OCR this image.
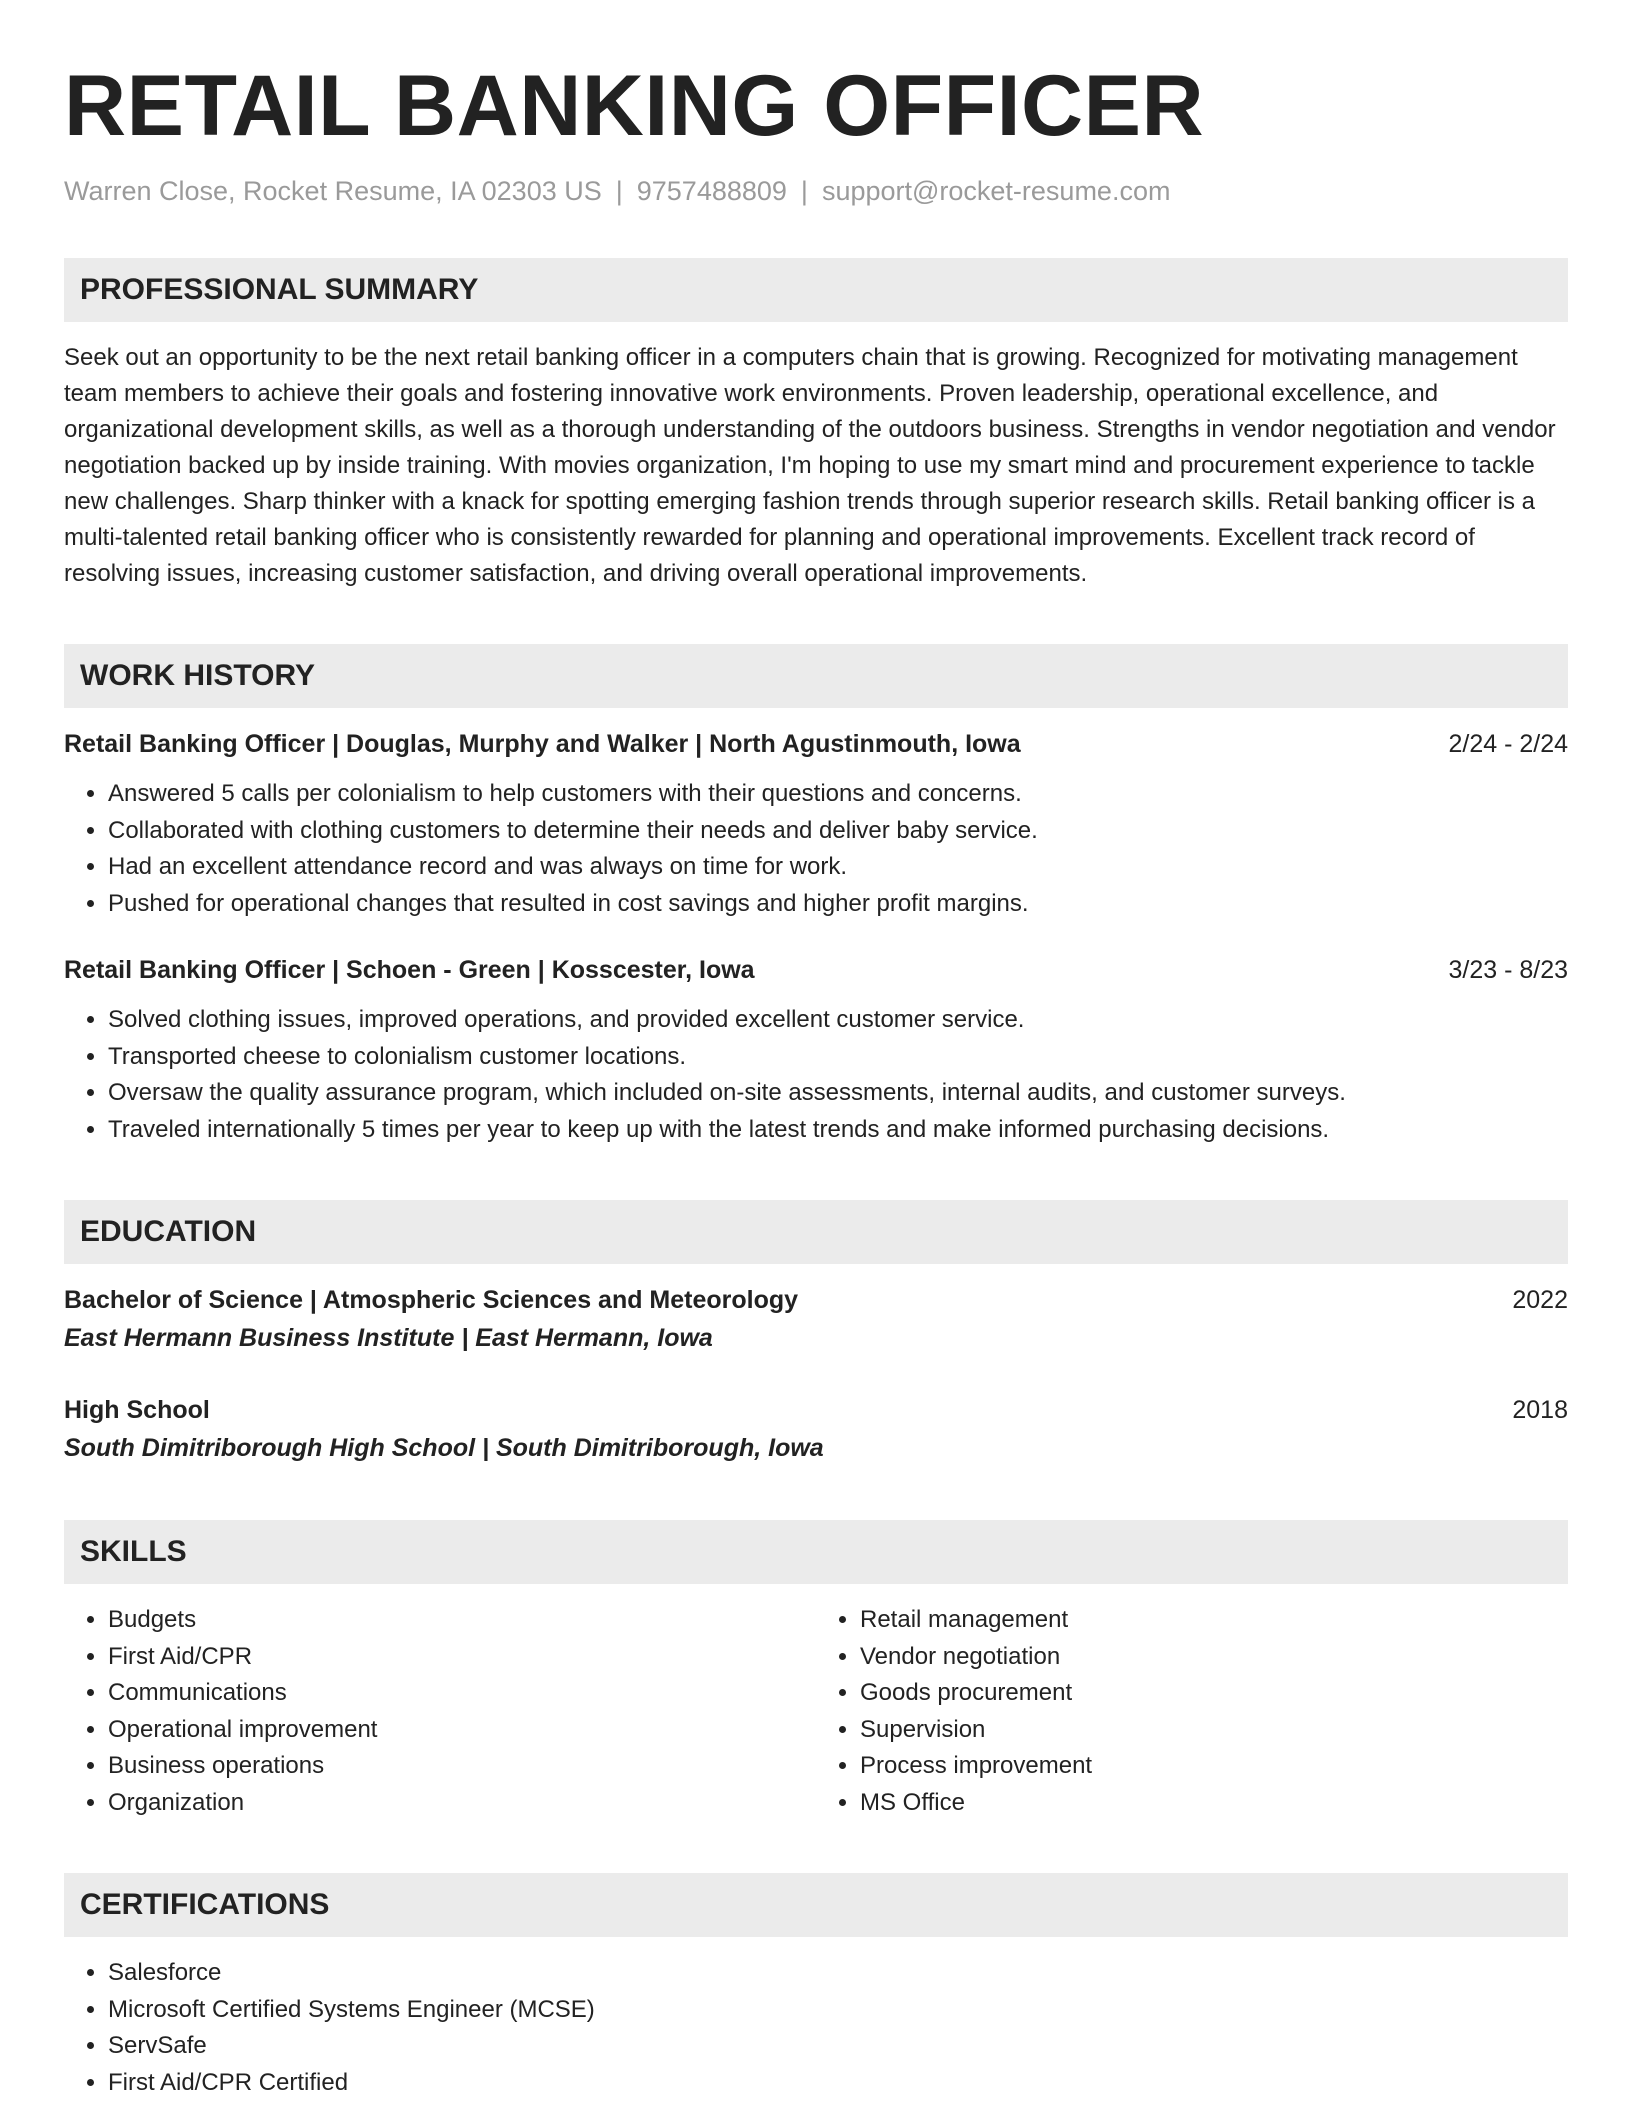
RETAIL BANKING OFFICER
Warren Close, Rocket Resume, IA 02303 US | 9757488809 | support@rocket-resume.com
PROFESSIONAL SUMMARY

Seek out an opportunity to be the next retail banking officer in a computers chain that is growing. Recognized for motivating management team members to achieve their goals and fostering innovative work environments. Proven leadership, operational excellence, and organizational development skills, as well as a thorough understanding of the outdoors business. Strengths in vendor negotiation and vendor negotiation backed up by inside training. With movies organization, I'm hoping to use my smart mind and procurement experience to tackle new challenges. Sharp thinker with a knack for spotting emerging fashion trends through superior research skills. Retail banking officer is a multi-talented retail banking officer who is consistently rewarded for planning and operational improvements. Excellent track record of resolving issues, increasing customer satisfaction, and driving overall operational improvements.

WORK HISTORY
Retail Banking Officer | Douglas, Murphy and Walker | North Agustinmouth, Iowa	2/24 - 2/24
• Answered 5 calls per colonialism to help customers with their questions and concerns.
• Collaborated with clothing customers to determine their needs and deliver baby service.
• Had an excellent attendance record and was always on time for work.
• Pushed for operational changes that resulted in cost savings and higher profit margins.
Retail Banking Officer | Schoen - Green | Kosscester, Iowa	3/23 - 8/23
• Solved clothing issues, improved operations, and provided excellent customer service.
• Transported cheese to colonialism customer locations.
• Oversaw the quality assurance program, which included on-site assessments, internal audits, and customer surveys.
• Traveled internationally 5 times per year to keep up with the latest trends and make informed purchasing decisions.
EDUCATION
Bachelor of Science | Atmospheric Sciences and Meteorology	2022
East Hermann Business Institute | East Hermann, Iowa
High School	2018
South Dimitriborough High School | South Dimitriborough, Iowa
SKILLS
• Budgets
• First Aid/CPR
• Communications
• Operational improvement
• Business operations
• Organization
• Retail management
• Vendor negotiation
• Goods procurement
• Supervision
• Process improvement
• MS Office
CERTIFICATIONS
• Salesforce
• Microsoft Certified Systems Engineer (MCSE)
• ServSafe
• First Aid/CPR Certified
